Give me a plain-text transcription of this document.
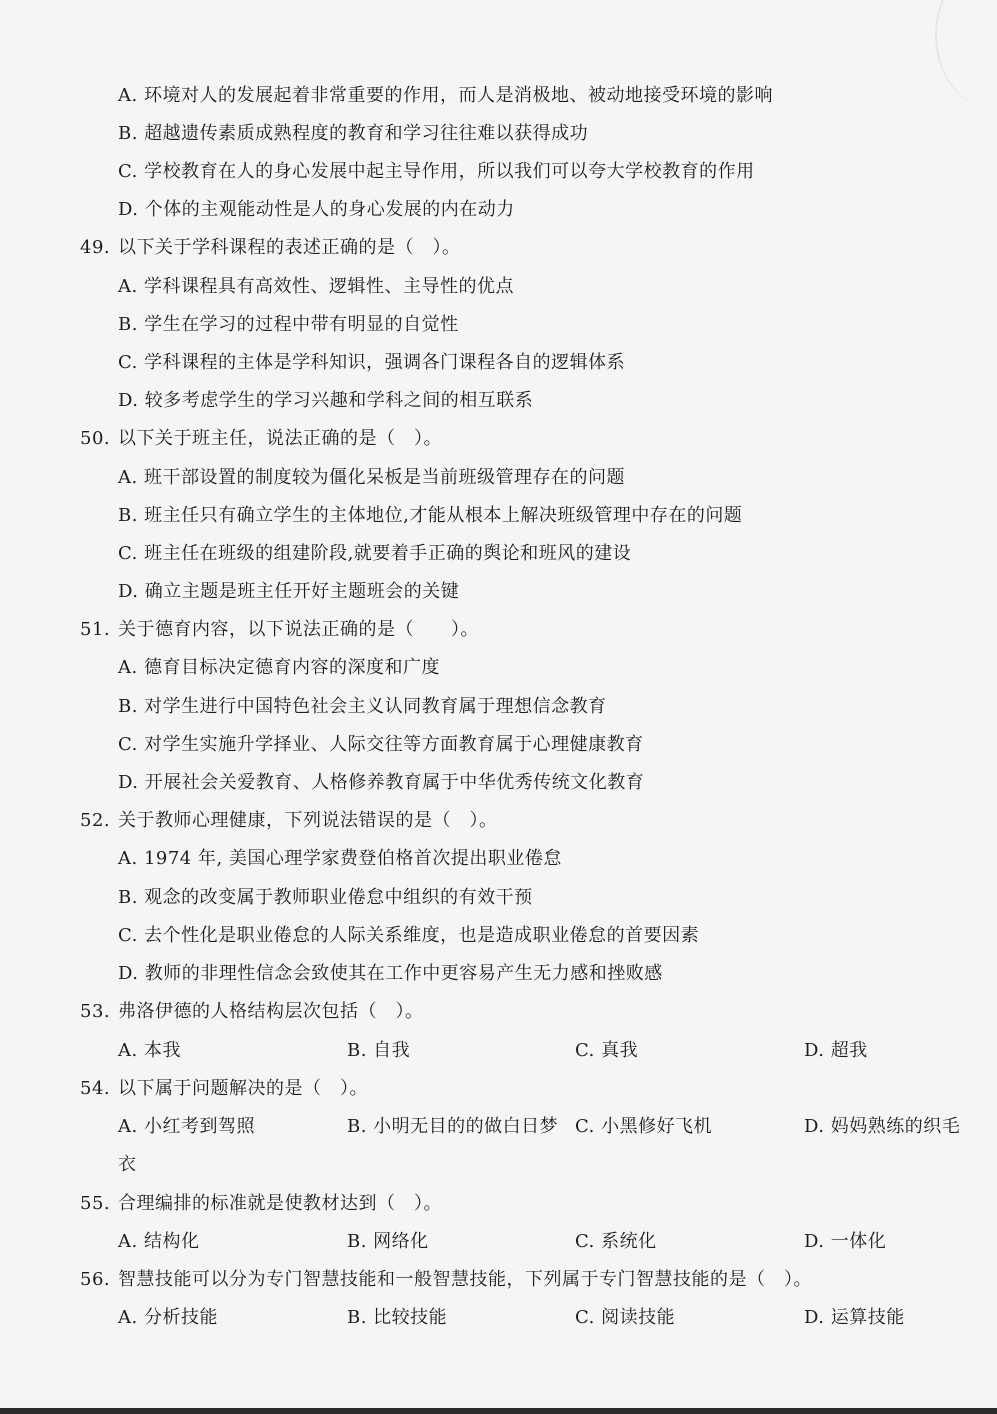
A. 环境对人的发展起着非常重要的作用，而人是消极地、被动地接受环境的影响
B. 超越遗传素质成熟程度的教育和学习往往难以获得成功
C. 学校教育在人的身心发展中起主导作用，所以我们可以夸大学校教育的作用
D. 个体的主观能动性是人的身心发展的内在动力
49. 以下关于学科课程的表述正确的是（　）。
A. 学科课程具有高效性、逻辑性、主导性的优点
B. 学生在学习的过程中带有明显的自觉性
C. 学科课程的主体是学科知识，强调各门课程各自的逻辑体系
D. 较多考虑学生的学习兴趣和学科之间的相互联系
50. 以下关于班主任，说法正确的是（　）。
A. 班干部设置的制度较为僵化呆板是当前班级管理存在的问题
B. 班主任只有确立学生的主体地位,才能从根本上解决班级管理中存在的问题
C. 班主任在班级的组建阶段,就要着手正确的舆论和班风的建设
D. 确立主题是班主任开好主题班会的关键
51. 关于德育内容，以下说法正确的是（　　）。
A. 德育目标决定德育内容的深度和广度
B. 对学生进行中国特色社会主义认同教育属于理想信念教育
C. 对学生实施升学择业、人际交往等方面教育属于心理健康教育
D. 开展社会关爱教育、人格修养教育属于中华优秀传统文化教育
52. 关于教师心理健康，下列说法错误的是（　）。
A. 1974 年, 美国心理学家费登伯格首次提出职业倦怠
B. 观念的改变属于教师职业倦怠中组织的有效干预
C. 去个性化是职业倦怠的人际关系维度，也是造成职业倦怠的首要因素
D. 教师的非理性信念会致使其在工作中更容易产生无力感和挫败感
53. 弗洛伊德的人格结构层次包括（　）。
A. 本我	B. 自我	C. 真我	D. 超我
54. 以下属于问题解决的是（　）。
A. 小红考到驾照	B. 小明无目的的做白日梦 C. 小黑修好飞机	D. 妈妈熟练的织毛
衣
55. 合理编排的标准就是使教材达到（　）。
A. 结构化	B. 网络化	C. 系统化	D. 一体化
56. 智慧技能可以分为专门智慧技能和一般智慧技能，下列属于专门智慧技能的是（　）。
A. 分析技能	B. 比较技能	C. 阅读技能	D. 运算技能
